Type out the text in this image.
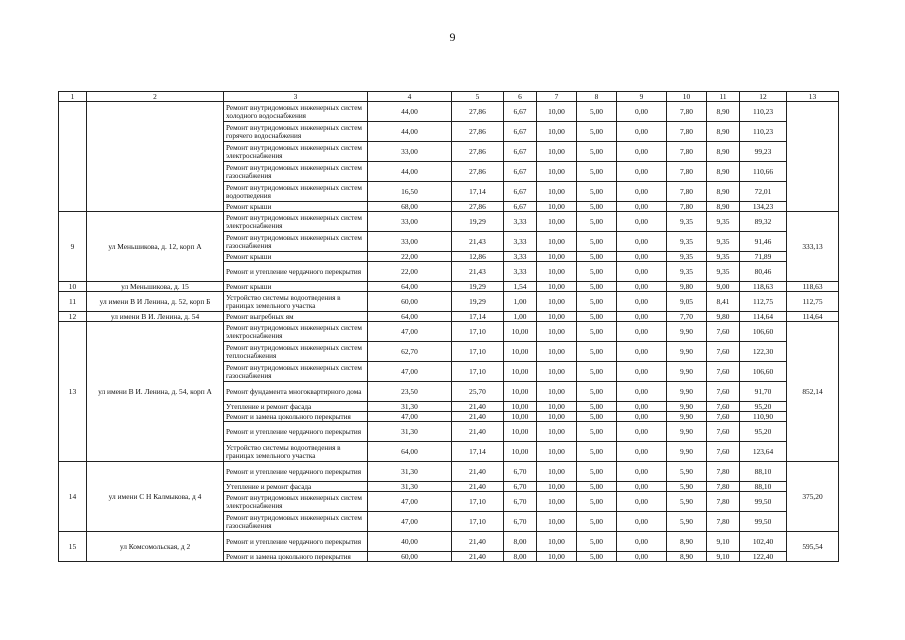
9
1	2	3	4	5	6	7	8	9	10	11	12	13
		Ремонт внутридомовых инженерных систем холодного водоснабжения	44,00	27,86	6,67	10,00	5,00	0,00	7,80	8,90	110,23	
		Ремонт внутридомовых инженерных систем горячего водоснабжения	44,00	27,86	6,67	10,00	5,00	0,00	7,80	8,90	110,23	
		Ремонт внутридомовых инженерных систем электроснабжения	33,00	27,86	6,67	10,00	5,00	0,00	7,80	8,90	99,23	
		Ремонт внутридомовых инженерных систем газоснабжения	44,00	27,86	6,67	10,00	5,00	0,00	7,80	8,90	110,66	
		Ремонт внутридомовых инженерных систем водоотведения	16,50	17,14	6,67	10,00	5,00	0,00	7,80	8,90	72,01	
		Ремонт крыши	68,00	27,86	6,67	10,00	5,00	0,00	7,80	8,90	134,23	
9	ул Меньшикова, д. 12, корп А	Ремонт внутридомовых инженерных систем электроснабжения	33,00	19,29	3,33	10,00	5,00	0,00	9,35	9,35	89,32	333,13
		Ремонт внутридомовых инженерных систем газоснабжения	33,00	21,43	3,33	10,00	5,00	0,00	9,35	9,35	91,46	
		Ремонт крыши	22,00	12,86	3,33	10,00	5,00	0,00	9,35	9,35	71,89	
		Ремонт и утепление чердачного перекрытия	22,00	21,43	3,33	10,00	5,00	0,00	9,35	9,35	80,46	
10	ул Меньшикова, д. 15	Ремонт крыши	64,00	19,29	1,54	10,00	5,00	0,00	9,80	9,00	118,63	118,63
11	ул имени В И Ленина, д. 52, корп Б	Устройство системы водоотведения в границах земельного участка	60,00	19,29	1,00	10,00	5,00	0,00	9,05	8,41	112,75	112,75
12	ул имени В И. Ленина, д. 54	Ремонт выгребных ям	64,00	17,14	1,00	10,00	5,00	0,00	7,70	9,80	114,64	114,64
13	ул имени В И. Ленина, д. 54, корп А	Ремонт внутридомовых инженерных систем электроснабжения	47,00	17,10	10,00	10,00	5,00	0,00	9,90	7,60	106,60	852,14
		Ремонт внутридомовых инженерных систем теплоснабжения	62,70	17,10	10,00	10,00	5,00	0,00	9,90	7,60	122,30	
		Ремонт внутридомовых инженерных систем газоснабжения	47,00	17,10	10,00	10,00	5,00	0,00	9,90	7,60	106,60	
		Ремонт фундамента многоквартирного дома	23,50	25,70	10,00	10,00	5,00	0,00	9,90	7,60	91,70	
		Утепление и ремонт фасада	31,30	21,40	10,00	10,00	5,00	0,00	9,90	7,60	95,20	
		Ремонт и замена цокольного перекрытия	47,00	21,40	10,00	10,00	5,00	0,00	9,90	7,60	110,90	
		Ремонт и утепление чердачного перекрытия	31,30	21,40	10,00	10,00	5,00	0,00	9,90	7,60	95,20	
		Устройство системы водоотведения в границах земельного участка	64,00	17,14	10,00	10,00	5,00	0,00	9,90	7,60	123,64	
14	ул имени С Н Калмыкова, д 4	Ремонт и утепление чердачного перекрытия	31,30	21,40	6,70	10,00	5,00	0,00	5,90	7,80	88,10	375,20
		Утепление и ремонт фасада	31,30	21,40	6,70	10,00	5,00	0,00	5,90	7,80	88,10	
		Ремонт внутридомовых инженерных систем электроснабжения	47,00	17,10	6,70	10,00	5,00	0,00	5,90	7,80	99,50	
		Ремонт внутридомовых инженерных систем газоснабжения	47,00	17,10	6,70	10,00	5,00	0,00	5,90	7,80	99,50	
15	ул Комсомольская, д 2	Ремонт и утепление чердачного перекрытия	40,00	21,40	8,00	10,00	5,00	0,00	8,90	9,10	102,40	595,54
		Ремонт и замена цокольного перекрытия	60,00	21,40	8,00	10,00	5,00	0,00	8,90	9,10	122,40	
